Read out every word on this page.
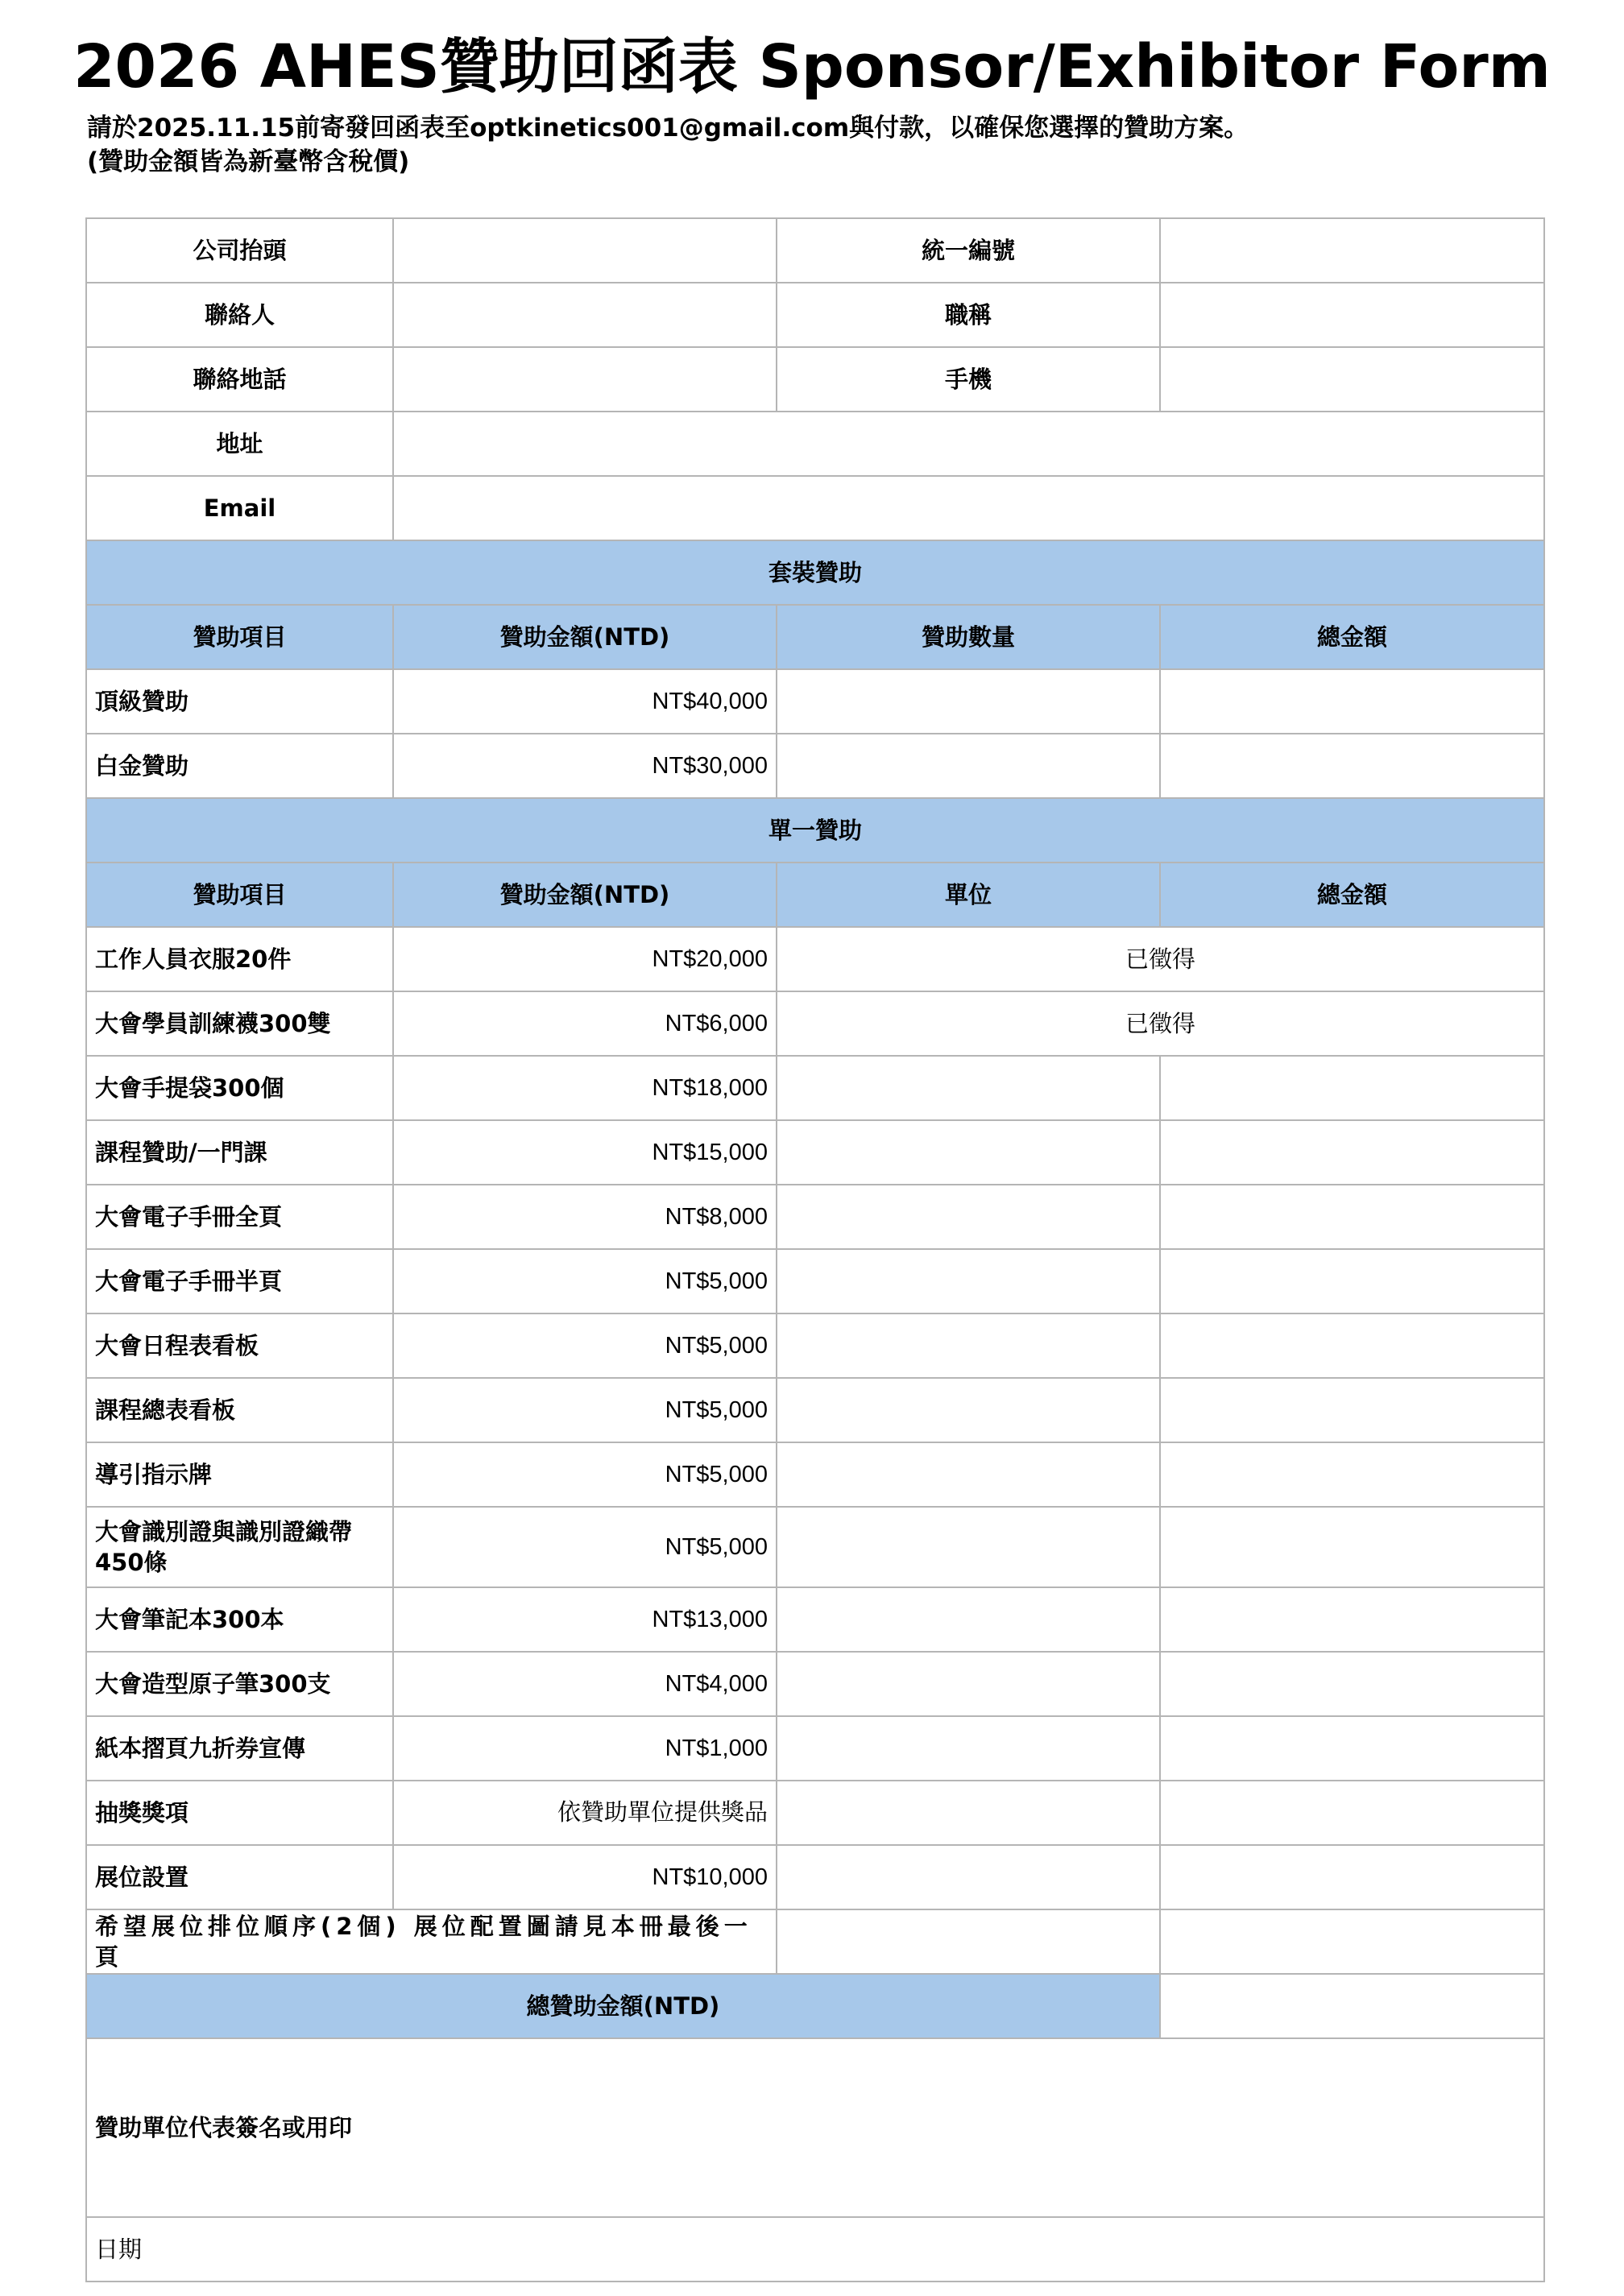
2026 AHES贊助回函表 Sponsor/Exhibitor Form
請於2025.11.15前寄發回函表至optkinetics001@gmail.com與付款，以確保您選擇的贊助方案。
(贊助金額皆為新臺幣含稅價)
公司抬頭		統一編號	
聯絡人		職稱	
聯絡地話		手機	
地址			
Email			
套裝贊助			
贊助項目	贊助金額(NTD)	贊助數量	總金額
頂級贊助	NT$40,000		
白金贊助	NT$30,000		
單一贊助			
贊助項目	贊助金額(NTD)	單位	總金額
工作人員衣服20件	NT$20,000	已徵得	
大會學員訓練襪300雙	NT$6,000	已徵得	
大會手提袋300個	NT$18,000		
課程贊助/一門課	NT$15,000		
大會電子手冊全頁	NT$8,000		
大會電子手冊半頁	NT$5,000		
大會日程表看板	NT$5,000		
課程總表看板	NT$5,000		
導引指示牌	NT$5,000		
大會識別證與識別證織帶450條	NT$5,000		
大會筆記本300本	NT$13,000		
大會造型原子筆300支	NT$4,000		
紙本摺頁九折券宣傳	NT$1,000		
抽獎獎項	依贊助單位提供獎品		
展位設置	NT$10,000		
希望展位排位順序(2個) 展位配置圖請見本冊最後一頁			
總贊助金額(NTD)			
贊助單位代表簽名或用印			
日期			
